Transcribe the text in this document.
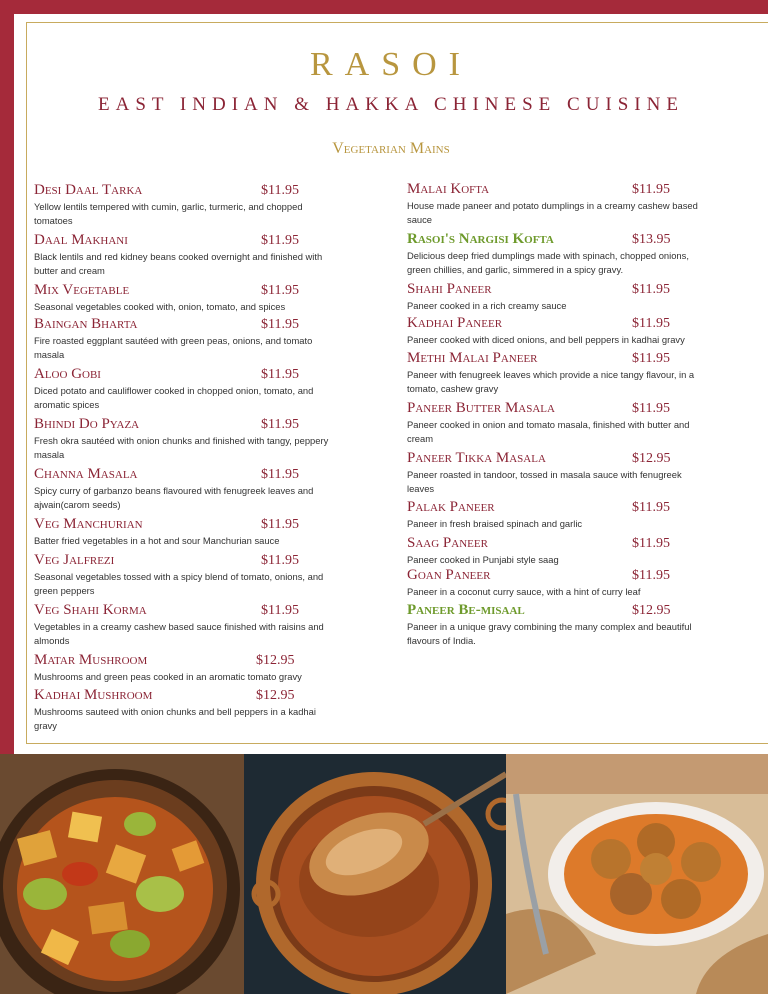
RASOI
EAST INDIAN & HAKKA CHINESE CUISINE
Vegetarian Mains
Desi Daal Tarka	$11.95
Yellow lentils tempered with cumin, garlic, turmeric, and chopped tomatoes
Daal Makhani	$11.95
Black lentils and red kidney beans cooked overnight and finished with butter and cream
Mix Vegetable	$11.95
Seasonal vegetables cooked with, onion, tomato, and spices
Baingan Bharta	$11.95
Fire roasted eggplant sautéed with green peas, onions, and tomato masala
Aloo Gobi	$11.95
Diced potato and cauliflower cooked in chopped onion, tomato, and aromatic spices
Bhindi Do Pyaza	$11.95
Fresh okra sautéed with onion chunks and finished with tangy, peppery masala
Channa Masala	$11.95
Spicy curry of garbanzo beans flavoured with fenugreek leaves and ajwain(carom seeds)
Veg Manchurian	$11.95
Batter fried vegetables in a hot and sour Manchurian sauce
Veg Jalfrezi	$11.95
Seasonal vegetables tossed with a spicy blend of tomato, onions, and green peppers
Veg Shahi Korma	$11.95
Vegetables in a creamy cashew based sauce finished with raisins and almonds
Matar Mushroom	$12.95
Mushrooms and green peas cooked in an aromatic tomato gravy
Kadhai Mushroom	$12.95
Mushrooms sauteed with onion chunks and bell peppers in a kadhai gravy
Malai Kofta	$11.95
House made paneer and potato dumplings in a creamy cashew based sauce
Rasoi's Nargisi Kofta	$13.95
Delicious deep fried dumplings made with spinach, chopped onions, green chillies, and garlic, simmered in a spicy gravy.
Shahi Paneer	$11.95
Paneer cooked in a rich creamy sauce
Kadhai Paneer	$11.95
Paneer cooked with diced onions, and bell peppers in kadhai gravy
Methi Malai Paneer	$11.95
Paneer with fenugreek leaves which provide a nice tangy flavour, in a tomato, cashew gravy
Paneer Butter Masala	$11.95
Paneer cooked in onion and tomato masala, finished with butter and cream
Paneer Tikka Masala	$12.95
Paneer roasted in tandoor, tossed in masala sauce with fenugreek leaves
Palak Paneer	$11.95
Paneer in fresh braised spinach and garlic
Saag Paneer	$11.95
Paneer cooked in Punjabi style saag
Goan Paneer	$11.95
Paneer in a coconut curry sauce, with a hint of curry leaf
Paneer Be-misaal	$12.95
Paneer in a unique gravy combining the many complex and beautiful flavours of India.
